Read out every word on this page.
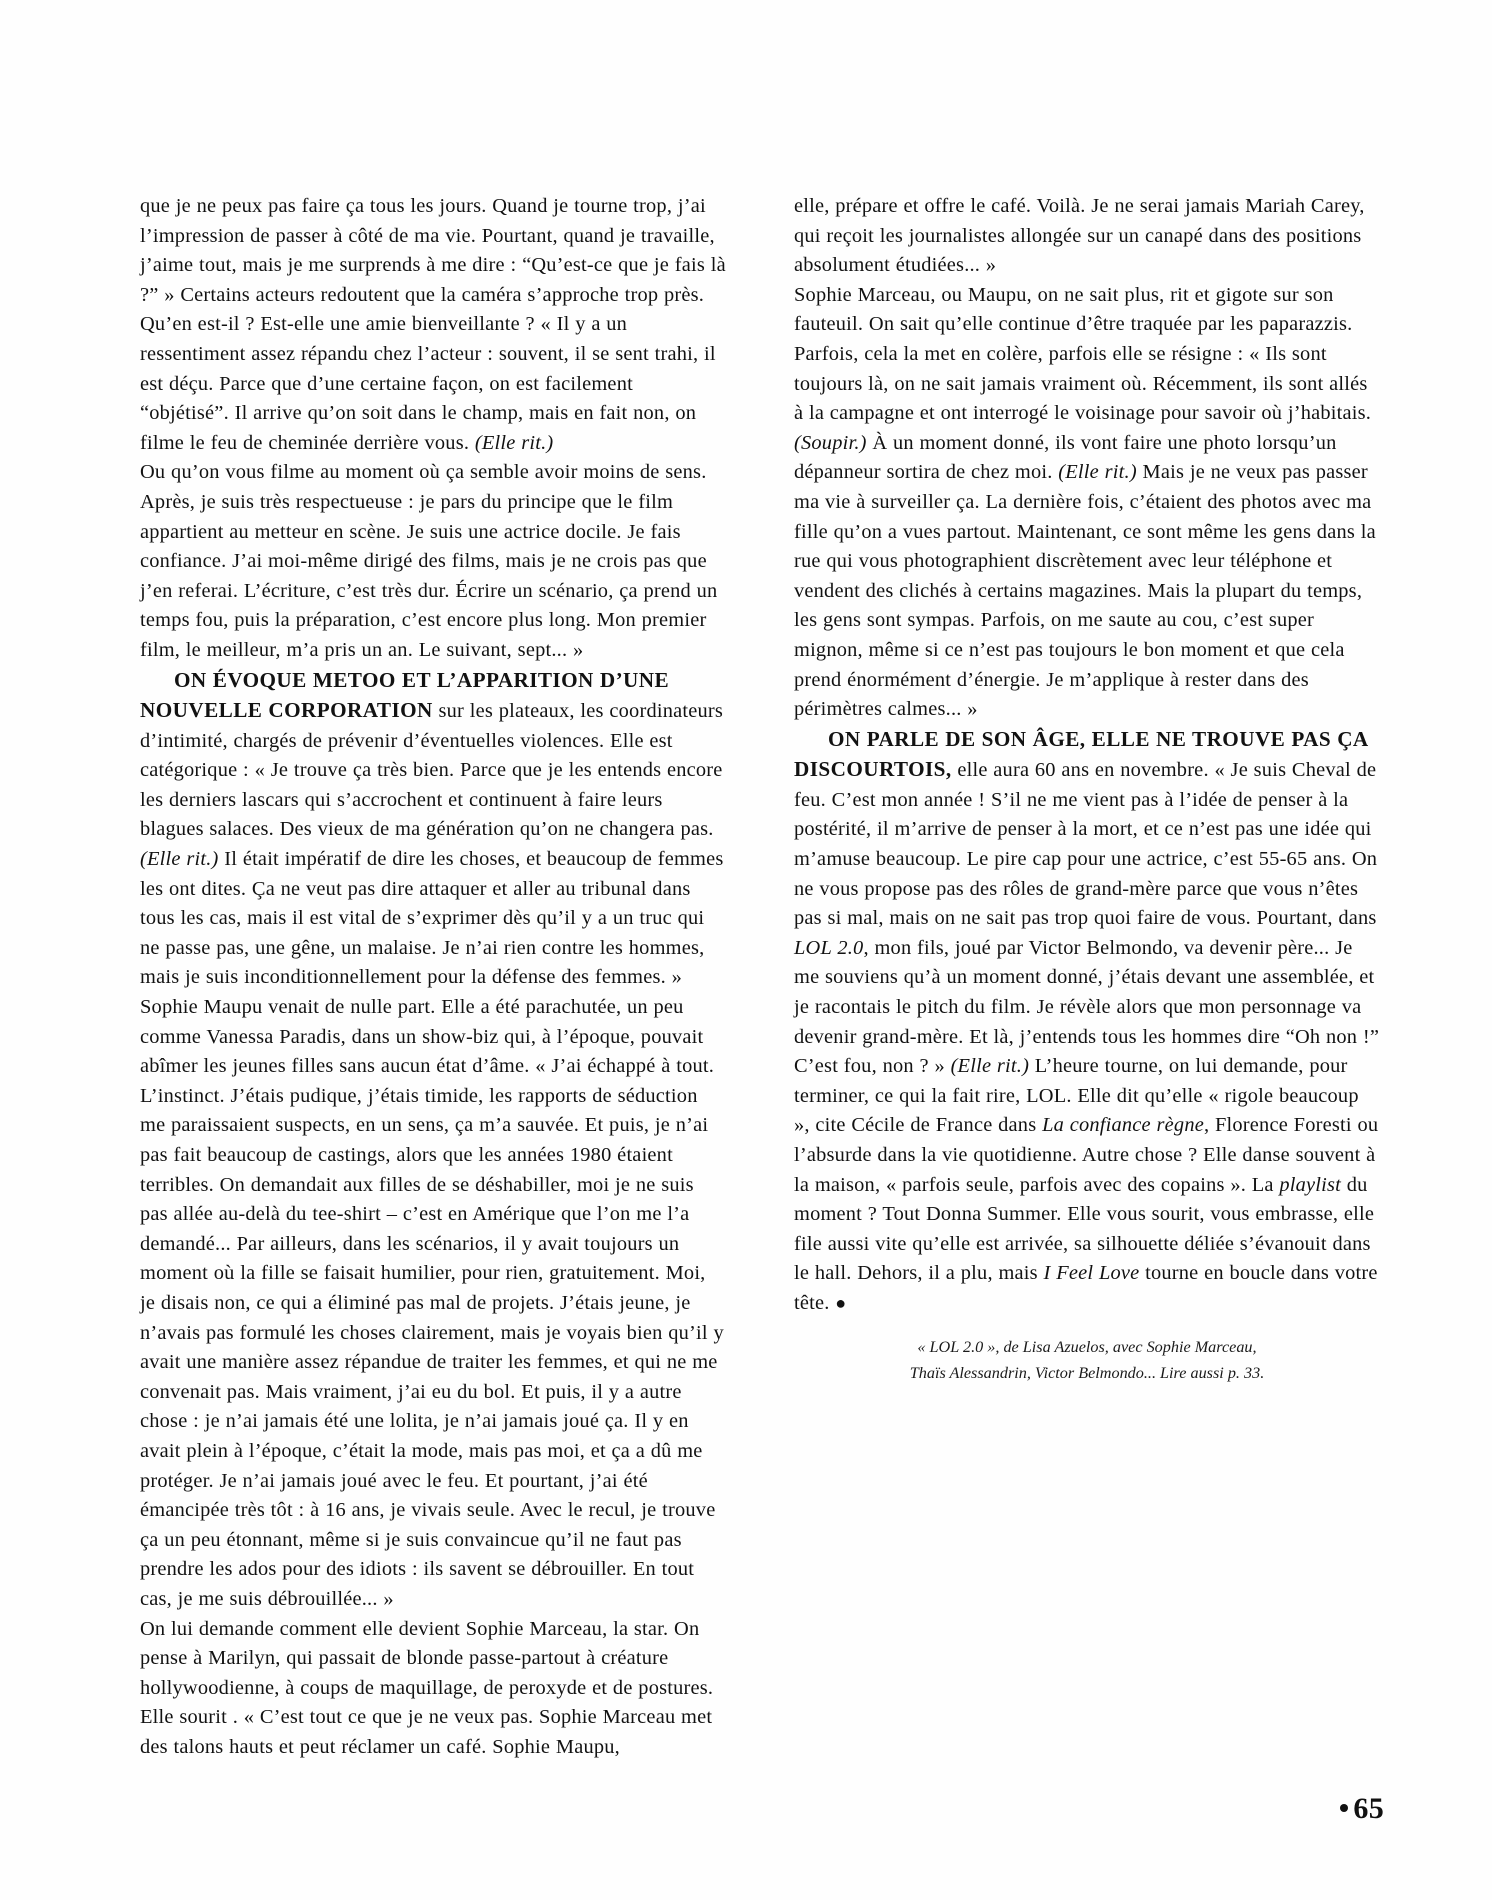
que je ne peux pas faire ça tous les jours. Quand je tourne trop, j’ai l’impression de passer à côté de ma vie. Pourtant, quand je travaille, j’aime tout, mais je me surprends à me dire : “Qu’est-ce que je fais là ?” » Certains acteurs redoutent que la caméra s’approche trop près. Qu’en est-il ? Est-elle une amie bienveillante ? « Il y a un ressentiment assez répandu chez l’acteur : souvent, il se sent trahi, il est déçu. Parce que d’une certaine façon, on est facilement “objétisé”. Il arrive qu’on soit dans le champ, mais en fait non, on filme le feu de cheminée derrière vous. (Elle rit.)

Ou qu’on vous filme au moment où ça semble avoir moins de sens. Après, je suis très respectueuse : je pars du principe que le film appartient au metteur en scène. Je suis une actrice docile. Je fais confiance. J’ai moi-même dirigé des films, mais je ne crois pas que j’en referai. L’écriture, c’est très dur. Écrire un scénario, ça prend un temps fou, puis la préparation, c’est encore plus long. Mon premier film, le meilleur, m’a pris un an. Le suivant, sept... »

ON ÉVOQUE METOO ET L’APPARITION D’UNE NOUVELLE CORPORATION sur les plateaux, les coordinateurs d’intimité, chargés de prévenir d’éventuelles violences. Elle est catégorique : « Je trouve ça très bien. Parce que je les entends encore les derniers lascars qui s’accrochent et continuent à faire leurs blagues salaces. Des vieux de ma génération qu’on ne changera pas. (Elle rit.) Il était impératif de dire les choses, et beaucoup de femmes les ont dites. Ça ne veut pas dire attaquer et aller au tribunal dans tous les cas, mais il est vital de s’exprimer dès qu’il y a un truc qui ne passe pas, une gêne, un malaise. Je n’ai rien contre les hommes, mais je suis inconditionnellement pour la défense des femmes. » Sophie Maupu venait de nulle part. Elle a été parachutée, un peu comme Vanessa Paradis, dans un show-biz qui, à l’époque, pouvait abîmer les jeunes filles sans aucun état d’âme. « J’ai échappé à tout. L’instinct. J’étais pudique, j’étais timide, les rapports de séduction me paraissaient suspects, en un sens, ça m’a sauvée. Et puis, je n’ai pas fait beaucoup de castings, alors que les années 1980 étaient terribles. On demandait aux filles de se déshabiller, moi je ne suis pas allée au-delà du tee-shirt – c’est en Amérique que l’on me l’a demandé... Par ailleurs, dans les scénarios, il y avait toujours un moment où la fille se faisait humilier, pour rien, gratuitement. Moi, je disais non, ce qui a éliminé pas mal de projets. J’étais jeune, je n’avais pas formulé les choses clairement, mais je voyais bien qu’il y avait une manière assez répandue de traiter les femmes, et qui ne me convenait pas. Mais vraiment, j’ai eu du bol. Et puis, il y a autre chose : je n’ai jamais été une lolita, je n’ai jamais joué ça. Il y en avait plein à l’époque, c’était la mode, mais pas moi, et ça a dû me protéger. Je n’ai jamais joué avec le feu. Et pourtant, j’ai été émancipée très tôt : à 16 ans, je vivais seule. Avec le recul, je trouve ça un peu étonnant, même si je suis convaincue qu’il ne faut pas prendre les ados pour des idiots : ils savent se débrouiller. En tout cas, je me suis débrouillée... »

On lui demande comment elle devient Sophie Marceau, la star. On pense à Marilyn, qui passait de blonde passe-partout à créature hollywoodienne, à coups de maquillage, de peroxyde et de postures. Elle sourit . « C’est tout ce que je ne veux pas. Sophie Marceau met des talons hauts et peut réclamer un café. Sophie Maupu,

elle, prépare et offre le café. Voilà. Je ne serai jamais Mariah Carey, qui reçoit les journalistes allongée sur un canapé dans des positions absolument étudiées... »

Sophie Marceau, ou Maupu, on ne sait plus, rit et gigote sur son fauteuil. On sait qu’elle continue d’être traquée par les paparazzis. Parfois, cela la met en colère, parfois elle se résigne : « Ils sont toujours là, on ne sait jamais vraiment où. Récemment, ils sont allés à la campagne et ont interrogé le voisinage pour savoir où j’habitais. (Soupir.) À un moment donné, ils vont faire une photo lorsqu’un dépanneur sortira de chez moi. (Elle rit.) Mais je ne veux pas passer ma vie à surveiller ça. La dernière fois, c’étaient des photos avec ma fille qu’on a vues partout. Maintenant, ce sont même les gens dans la rue qui vous photographient discrètement avec leur téléphone et vendent des clichés à certains magazines. Mais la plupart du temps, les gens sont sympas. Parfois, on me saute au cou, c’est super mignon, même si ce n’est pas toujours le bon moment et que cela prend énormément d’énergie. Je m’applique à rester dans des périmètres calmes... »

ON PARLE DE SON ÂGE, ELLE NE TROUVE PAS ÇA DISCOURTOIS, elle aura 60 ans en novembre. « Je suis Cheval de feu. C’est mon année ! S’il ne me vient pas à l’idée de penser à la postérité, il m’arrive de penser à la mort, et ce n’est pas une idée qui m’amuse beaucoup. Le pire cap pour une actrice, c’est 55-65 ans. On ne vous propose pas des rôles de grand-mère parce que vous n’êtes pas si mal, mais on ne sait pas trop quoi faire de vous. Pourtant, dans LOL 2.0, mon fils, joué par Victor Belmondo, va devenir père... Je me souviens qu’à un moment donné, j’étais devant une assemblée, et je racontais le pitch du film. Je révèle alors que mon personnage va devenir grand-mère. Et là, j’entends tous les hommes dire “Oh non !” C’est fou, non ? » (Elle rit.) L’heure tourne, on lui demande, pour terminer, ce qui la fait rire, LOL. Elle dit qu’elle « rigole beaucoup », cite Cécile de France dans La confiance règne, Florence Foresti ou l’absurde dans la vie quotidienne. Autre chose ? Elle danse souvent à la maison, « parfois seule, parfois avec des copains ». La playlist du moment ? Tout Donna Summer. Elle vous sourit, vous embrasse, elle file aussi vite qu’elle est arrivée, sa silhouette déliée s’évanouit dans le hall. Dehors, il a plu, mais I Feel Love tourne en boucle dans votre tête. ●

« LOL 2.0 », de Lisa Azuelos, avec Sophie Marceau,

Thaïs Alessandrin, Victor Belmondo... Lire aussi p. 33.

65
